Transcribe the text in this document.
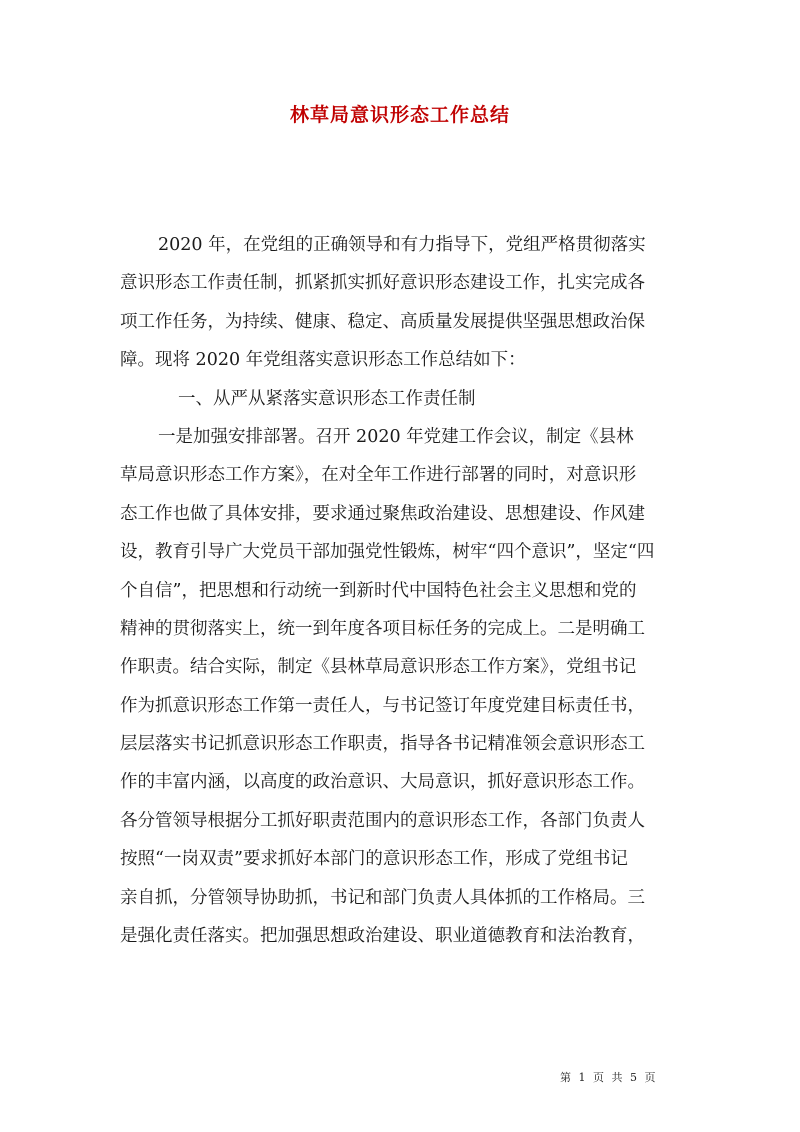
林草局意识形态工作总结
2020 年，在党组的正确领导和有力指导下，党组严格贯彻落实
意识形态工作责任制，抓紧抓实抓好意识形态建设工作，扎实完成各
项工作任务，为持续、健康、稳定、高质量发展提供坚强思想政治保
障。现将 2020 年党组落实意识形态工作总结如下：
一、从严从紧落实意识形态工作责任制
一是加强安排部署。召开 2020 年党建工作会议，制定《县林
草局意识形态工作方案》，在对全年工作进行部署的同时，对意识形
态工作也做了具体安排，要求通过聚焦政治建设、思想建设、作风建
设，教育引导广大党员干部加强党性锻炼，树牢“四个意识”，坚定“四
个自信”，把思想和行动统一到新时代中国特色社会主义思想和党的
精神的贯彻落实上，统一到年度各项目标任务的完成上。二是明确工
作职责。结合实际，制定《县林草局意识形态工作方案》，党组书记
作为抓意识形态工作第一责任人，与书记签订年度党建目标责任书，
层层落实书记抓意识形态工作职责，指导各书记精准领会意识形态工
作的丰富内涵，以高度的政治意识、大局意识，抓好意识形态工作。
各分管领导根据分工抓好职责范围内的意识形态工作，各部门负责人
按照“一岗双责”要求抓好本部门的意识形态工作，形成了党组书记
亲自抓，分管领导协助抓，书记和部门负责人具体抓的工作格局。三
是强化责任落实。把加强思想政治建设、职业道德教育和法治教育，
第 1 页 共 5 页
